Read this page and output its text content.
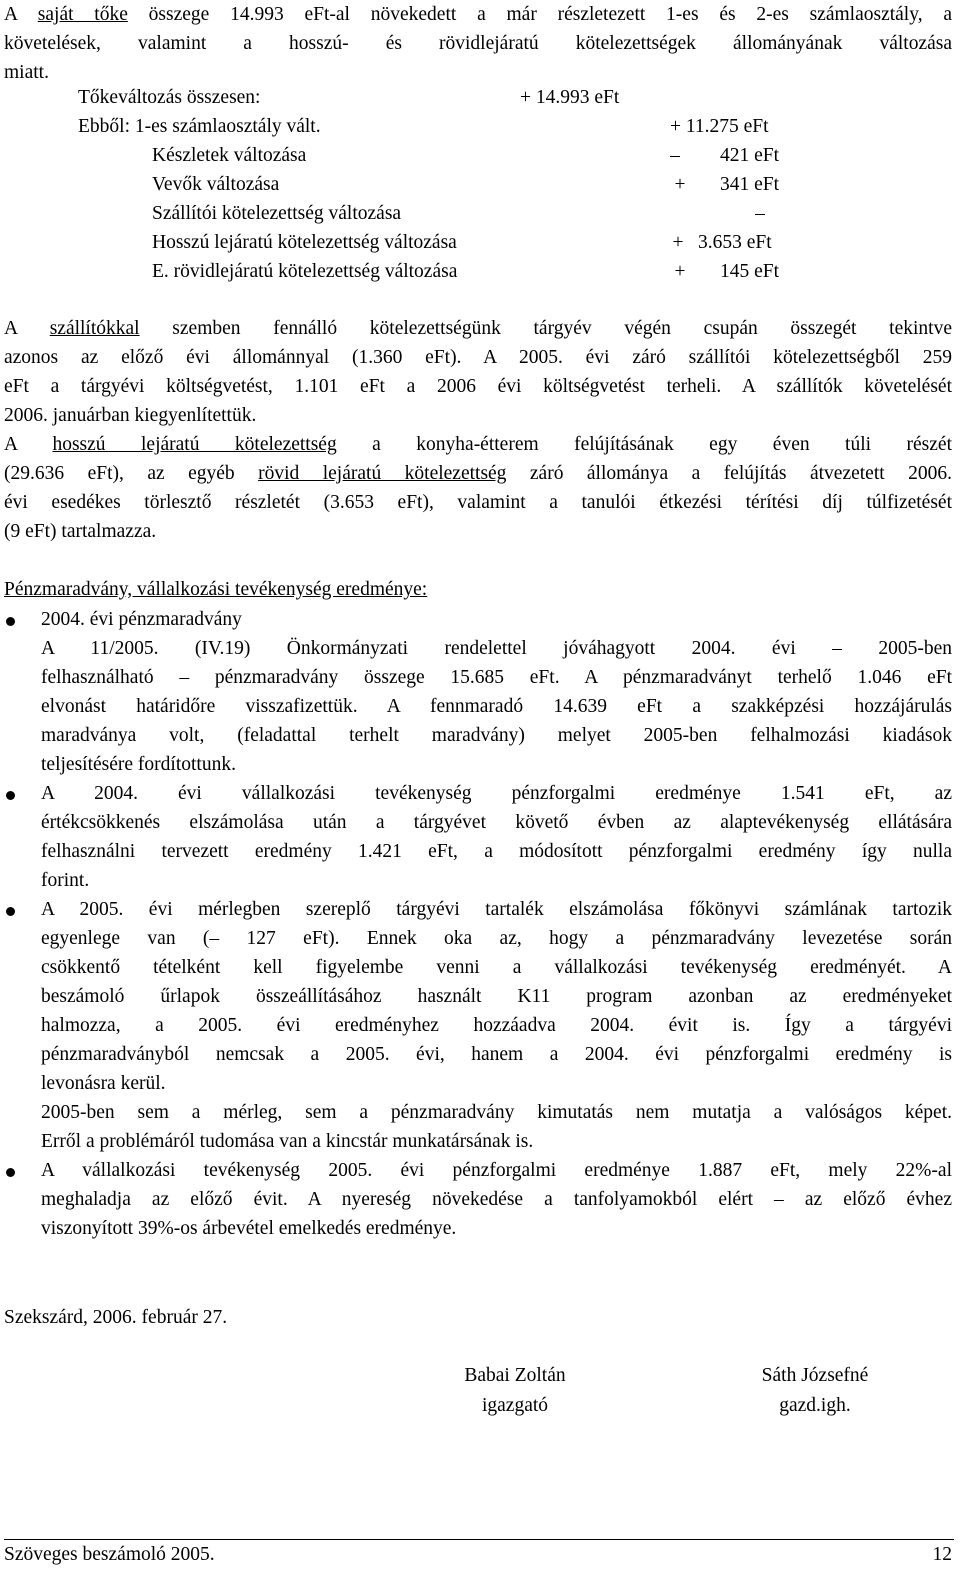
A saját tőke összege 14.993 eFt-al növekedett a már részletezett 1-es és 2-es számlaosztály, a
követelések, valamint a hosszú- és rövidlejáratú kötelezettségek állományának változása
miatt.
Tőkeváltozás összesen:	+ 14.993 eFt
Ebből: 1-es számlaosztály vált.	+ 11.275 eFt
Készletek változása	–	421 eFt
Vevők változása	+	341 eFt
Szállítói kötelezettség változása	–
Hosszú lejáratú kötelezettség változása	+ 3.653 eFt
E. rövidlejáratú kötelezettség változása	+	145 eFt
A szállítókkal szemben fennálló kötelezettségünk tárgyév végén csupán összegét tekintve
azonos az előző évi állománnyal (1.360 eFt). A 2005. évi záró szállítói kötelezettségből 259
eFt a tárgyévi költségvetést, 1.101 eFt a 2006 évi költségvetést terheli. A szállítók követelését
2006. januárban kiegyenlítettük.
A hosszú lejáratú kötelezettség a konyha-étterem felújításának egy éven túli részét
(29.636 eFt), az egyéb rövid lejáratú kötelezettség záró állománya a felújítás átvezetett 2006.
évi esedékes törlesztő részletét (3.653 eFt), valamint a tanulói étkezési térítési díj túlfizetését
(9 eFt) tartalmazza.
Pénzmaradvány, vállalkozási tevékenység eredménye:
2004. évi pénzmaradvány
A 11/2005. (IV.19) Önkormányzati rendelettel jóváhagyott 2004. évi – 2005-ben
felhasználható – pénzmaradvány összege 15.685 eFt. A pénzmaradványt terhelő 1.046 eFt
elvonást határidőre visszafizettük. A fennmaradó 14.639 eFt a szakképzési hozzájárulás
maradványa volt, (feladattal terhelt maradvány) melyet 2005-ben felhalmozási kiadások
teljesítésére fordítottunk.
A 2004. évi vállalkozási tevékenység pénzforgalmi eredménye 1.541 eFt, az
értékcsökkenés elszámolása után a tárgyévet követő évben az alaptevékenység ellátására
felhasználni tervezett eredmény 1.421 eFt, a módosított pénzforgalmi eredmény így nulla
forint.
A 2005. évi mérlegben szereplő tárgyévi tartalék elszámolása főkönyvi számlának tartozik
egyenlege van (– 127 eFt). Ennek oka az, hogy a pénzmaradvány levezetése során
csökkentő tételként kell figyelembe venni a vállalkozási tevékenység eredményét. A
beszámoló űrlapok összeállításához használt K11 program azonban az eredményeket
halmozza, a 2005. évi eredményhez hozzáadva 2004. évit is. Így a tárgyévi
pénzmaradványból nemcsak a 2005. évi, hanem a 2004. évi pénzforgalmi eredmény is
levonásra kerül.
2005-ben sem a mérleg, sem a pénzmaradvány kimutatás nem mutatja a valóságos képet.
Erről a problémáról tudomása van a kincstár munkatársának is.
A vállalkozási tevékenység 2005. évi pénzforgalmi eredménye 1.887 eFt, mely 22%-al
meghaladja az előző évit. A nyereség növekedése a tanfolyamokból elért – az előző évhez
viszonyított 39%-os árbevétel emelkedés eredménye.
Szekszárd, 2006. február 27.
Babai Zoltán
igazgató
Sáth Józsefné
gazd.igh.
Szöveges beszámoló 2005.	12
